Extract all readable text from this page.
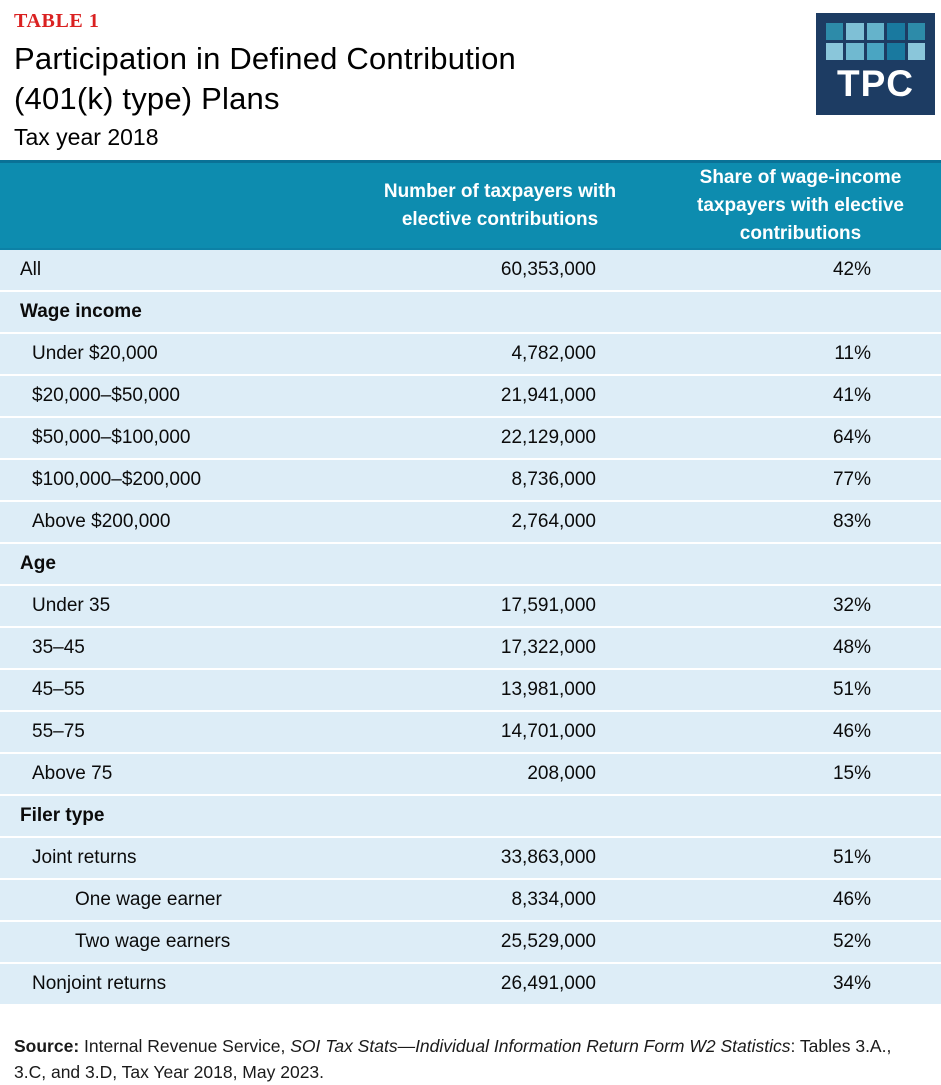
TABLE 1
Participation in Defined Contribution
(401(k) type) Plans
Tax year 2018
TPC

	Number of taxpayers with
elective contributions	Share of wage-income
taxpayers with elective
contributions

All	60,353,000	42%
Wage income		
Under $20,000	4,782,000	11%
$20,000–$50,000	21,941,000	41%
$50,000–$100,000	22,129,000	64%
$100,000–$200,000	8,736,000	77%
Above $200,000	2,764,000	83%
Age		
Under 35	17,591,000	32%
35–45	17,322,000	48%
45–55	13,981,000	51%
55–75	14,701,000	46%
Above 75	208,000	15%
Filer type		
Joint returns	33,863,000	51%
One wage earner	8,334,000	46%
Two wage earners	25,529,000	52%
Nonjoint returns	26,491,000	34%

Source: Internal Revenue Service, SOI Tax Stats—Individual Information Return Form W2 Statistics: Tables 3.A., 3.C, and 3.D, Tax Year 2018, May 2023.
